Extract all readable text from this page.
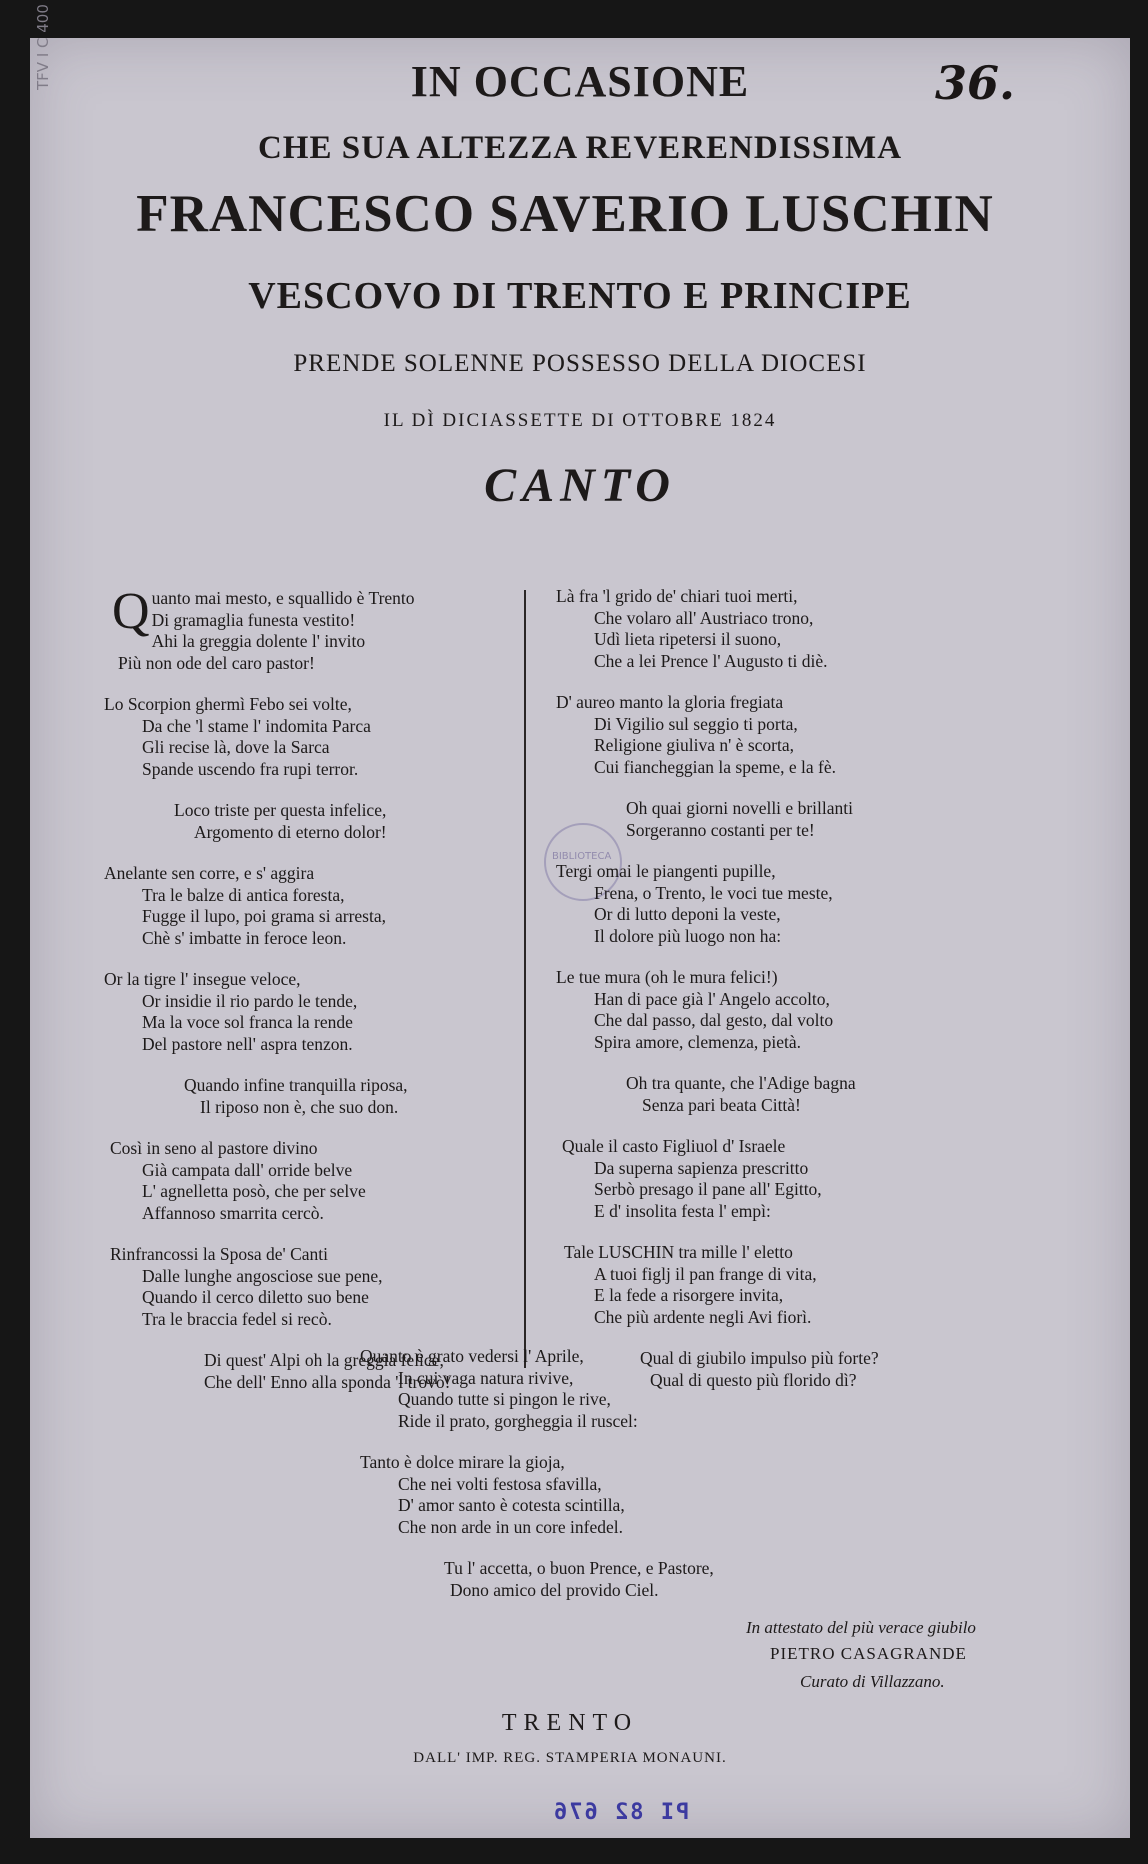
TFV I C 400	36.
IN OCCASIONE
CHE SUA ALTEZZA REVERENDISSIMA
FRANCESCO SAVERIO LUSCHIN
VESCOVO DI TRENTO E PRINCIPE
PRENDE SOLENNE POSSESSO DELLA DIOCESI
IL DÌ DICIASSETTE DI OTTOBRE 1824
CANTO
Q uanto mai mesto, e squallido è Trento
Di gramaglia funesta vestito!
Ahi la greggia dolente l' invito
Più non ode del caro pastor!
Lo Scorpion ghermì Febo sei volte,
Da che 'l stame l' indomita Parca
Gli recise là, dove la Sarca
Spande uscendo fra rupi terror.
Loco triste per questa infelice,
Argomento di eterno dolor!
Anelante sen corre, e s' aggira
Tra le balze di antica foresta,
Fugge il lupo, poi grama si arresta,
Chè s' imbatte in feroce leon.
Or la tigre l' insegue veloce,
Or insidie il rio pardo le tende,
Ma la voce sol franca la rende
Del pastore nell' aspra tenzon.
Quando infine tranquilla riposa,
Il riposo non è, che suo don.
Così in seno al pastore divino
Già campata dall' orride belve
L' agnelletta posò, che per selve
Affannoso smarrita cercò.
Rinfrancossi la Sposa de' Canti
Dalle lunghe angosciose sue pene,
Quando il cerco diletto suo bene
Tra le braccia fedel si recò.
Di quest' Alpi oh la greggia felice,
Che dell' Enno alla sponda 'l trovò!
BIBLIOTECA
Là fra 'l grido de' chiari tuoi merti,
Che volaro all' Austriaco trono,
Udì lieta ripetersi il suono,
Che a lei Prence l' Augusto ti diè.
D' aureo manto la gloria fregiata
Di Vigilio sul seggio ti porta,
Religione giuliva n' è scorta,
Cui fiancheggian la speme, e la fè.
Oh quai giorni novelli e brillanti
Sorgeranno costanti per te!
Tergi omai le piangenti pupille,
Frena, o Trento, le voci tue meste,
Or di lutto deponi la veste,
Il dolore più luogo non ha:
Le tue mura (oh le mura felici!)
Han di pace già l' Angelo accolto,
Che dal passo, dal gesto, dal volto
Spira amore, clemenza, pietà.
Oh tra quante, che l'Adige bagna
Senza pari beata Città!
Quale il casto Figliuol d' Israele
Da superna sapienza prescritto
Serbò presago il pane all' Egitto,
E d' insolita festa l' empì:
Tale LUSCHIN tra mille l' eletto
A tuoi figlj il pan frange di vita,
E la fede a risorgere invita,
Che più ardente negli Avi fiorì.
Qual di giubilo impulso più forte?
Qual di questo più florido dì?
Quanto è grato vedersi l' Aprile,
In cui vaga natura rivive,
Quando tutte si pingon le rive,
Ride il prato, gorgheggia il ruscel:
Tanto è dolce mirare la gioja,
Che nei volti festosa sfavilla,
D' amor santo è cotesta scintilla,
Che non arde in un core infedel.
Tu l' accetta, o buon Prence, e Pastore,
Dono amico del provido Ciel.
In attestato del più verace giubilo
PIETRO CASAGRANDE
Curato di Villazzano.
TRENTO
DALL' IMP. REG. STAMPERIA MONAUNI.
PI 82 676
